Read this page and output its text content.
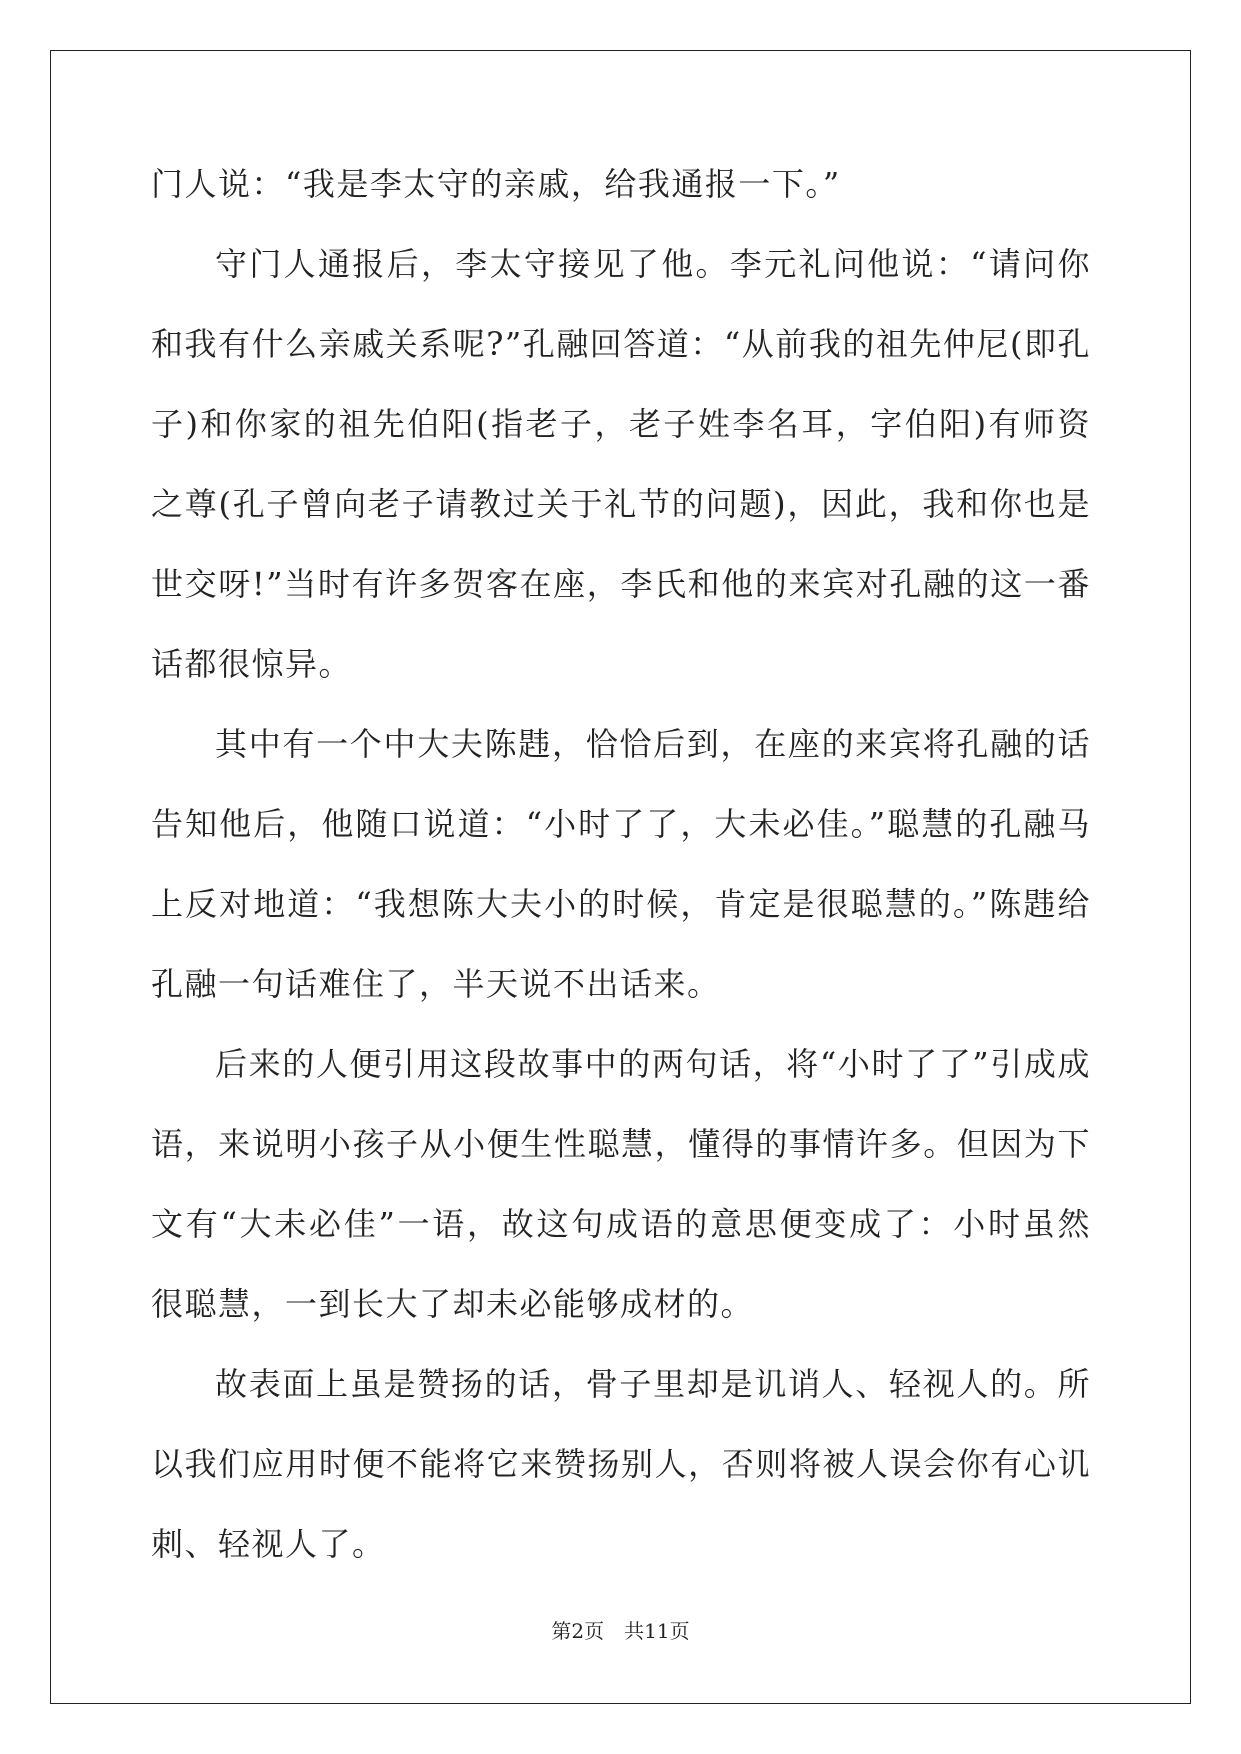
门人说：“我是李太守的亲戚，给我通报一下。”

守门人通报后，李太守接见了他。李元礼问他说：“请问你和我有什么亲戚关系呢?”孔融回答道：“从前我的祖先仲尼(即孔子)和你家的祖先伯阳(指老子，老子姓李名耳，字伯阳)有师资之尊(孔子曾向老子请教过关于礼节的问题)，因此，我和你也是世交呀!”当时有许多贺客在座，李氏和他的来宾对孔融的这一番话都很惊异。

其中有一个中大夫陈韪，恰恰后到，在座的来宾将孔融的话告知他后，他随口说道：“小时了了，大未必佳。”聪慧的孔融马上反对地道：“我想陈大夫小的时候，肯定是很聪慧的。”陈韪给孔融一句话难住了，半天说不出话来。

后来的人便引用这段故事中的两句话，将“小时了了”引成成语，来说明小孩子从小便生性聪慧，懂得的事情许多。但因为下文有“大未必佳”一语，故这句成语的意思便变成了：小时虽然很聪慧，一到长大了却未必能够成材的。

故表面上虽是赞扬的话，骨子里却是讥诮人、轻视人的。所以我们应用时便不能将它来赞扬别人，否则将被人误会你有心讥刺、轻视人了。

第2页 共11页
